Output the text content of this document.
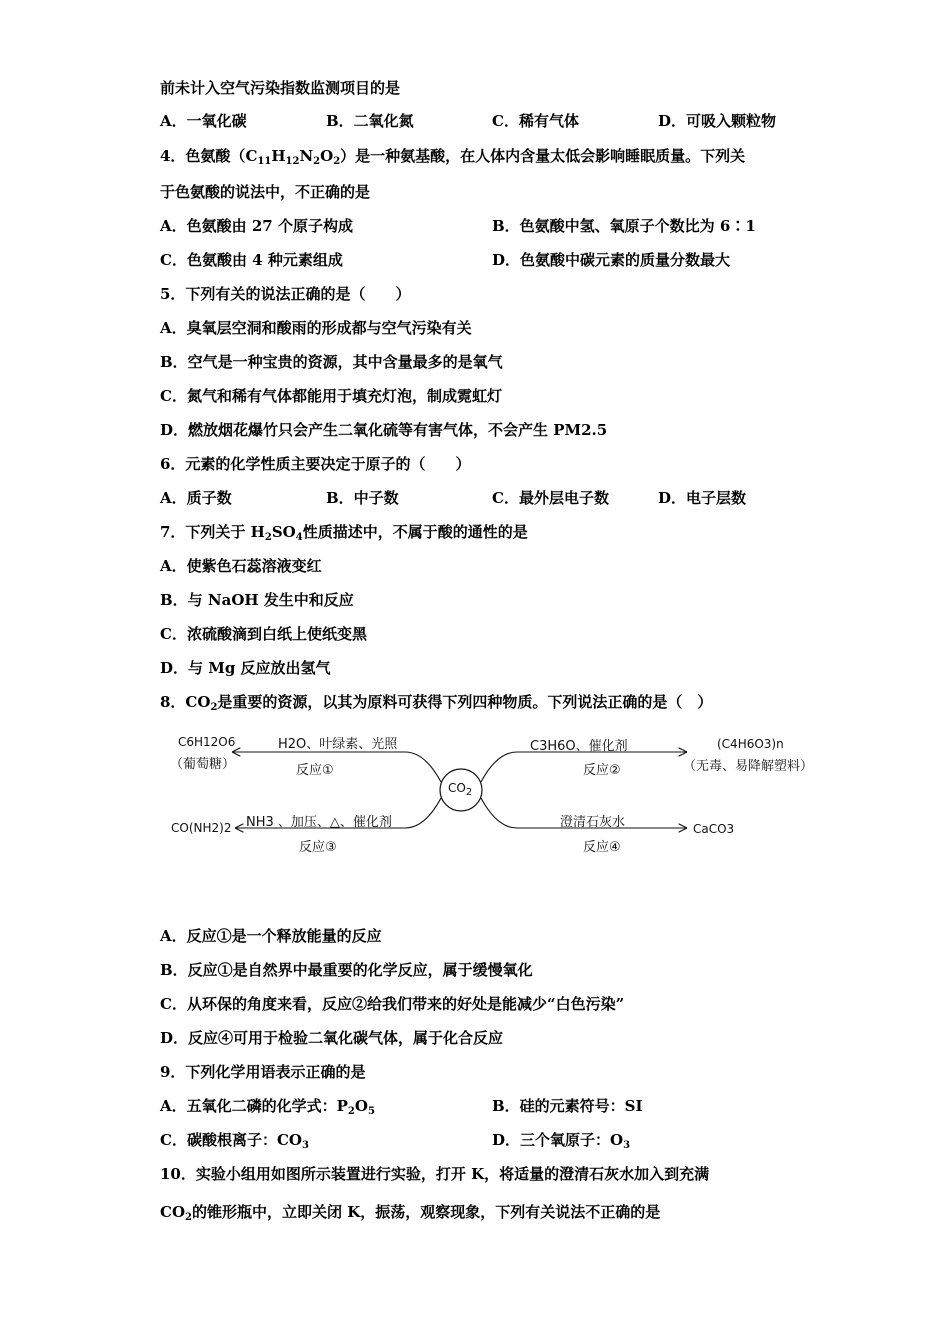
前未计入空气污染指数监测项目的是
A．一氧化碳	B．二氧化氮	C．稀有气体	D．可吸入颗粒物
4．色氨酸$(C_{11}H_{12}N_2O_2)$是一种氨基酸，在人体内含量太低会影响睡眠质量。下列关
于色氨酸的说法中，不正确的是
A．色氨酸由 27 个原子构成	B．色氨酸中氢、氧原子个数比为 6∶1
C．色氨酸由 4 种元素组成	D．色氨酸中碳元素的质量分数最大
5．下列有关的说法正确的是（　　）
A．臭氧层空洞和酸雨的形成都与空气污染有关
B．空气是一种宝贵的资源，其中含量最多的是氧气
C．氮气和稀有气体都能用于填充灯泡，制成霓虹灯
D．燃放烟花爆竹只会产生二氧化硫等有害气体，不会产生 PM2.5
6．元素的化学性质主要决定于原子的（　　）
A．质子数	B．中子数	C．最外层电子数	D．电子层数
7．下列关于 $H_2SO_4$性质描述中，不属于酸的通性的是
A．使紫色石蕊溶液变红
B．与 NaOH 发生中和反应
C．浓硫酸滴到白纸上使纸变黑
D．与 Mg 反应放出氢气
8．$CO_2$是重要的资源，以其为原料可获得下列四种物质。下列说法正确的是（　）
$CO_2$
C6H12O6
（葡萄糖）
H2O、叶绿素、光照
反应①
C3H6O、催化剂
反应②
(C4H6O3)n
（无毒、易降解塑料）
NH3 、加压、△、催化剂
反应③
CO(NH2)2	澄清石灰水
反应④
CaCO3
A．反应①是一个释放能量的反应
B．反应①是自然界中最重要的化学反应，属于缓慢氧化
C．从环保的角度来看，反应②给我们带来的好处是能减少“白色污染”
D．反应④可用于检验二氧化碳气体，属于化合反应
9．下列化学用语表示正确的是
A．五氧化二磷的化学式：$P_2O_5$	B．硅的元素符号：SI
C．碳酸根离子：$CO_3$	D．三个氧原子：$O_3$
10．实验小组用如图所示装置进行实验，打开 K，将适量的澄清石灰水加入到充满
$CO_2$的锥形瓶中，立即关闭 K，振荡，观察现象，下列有关说法不正确的是
